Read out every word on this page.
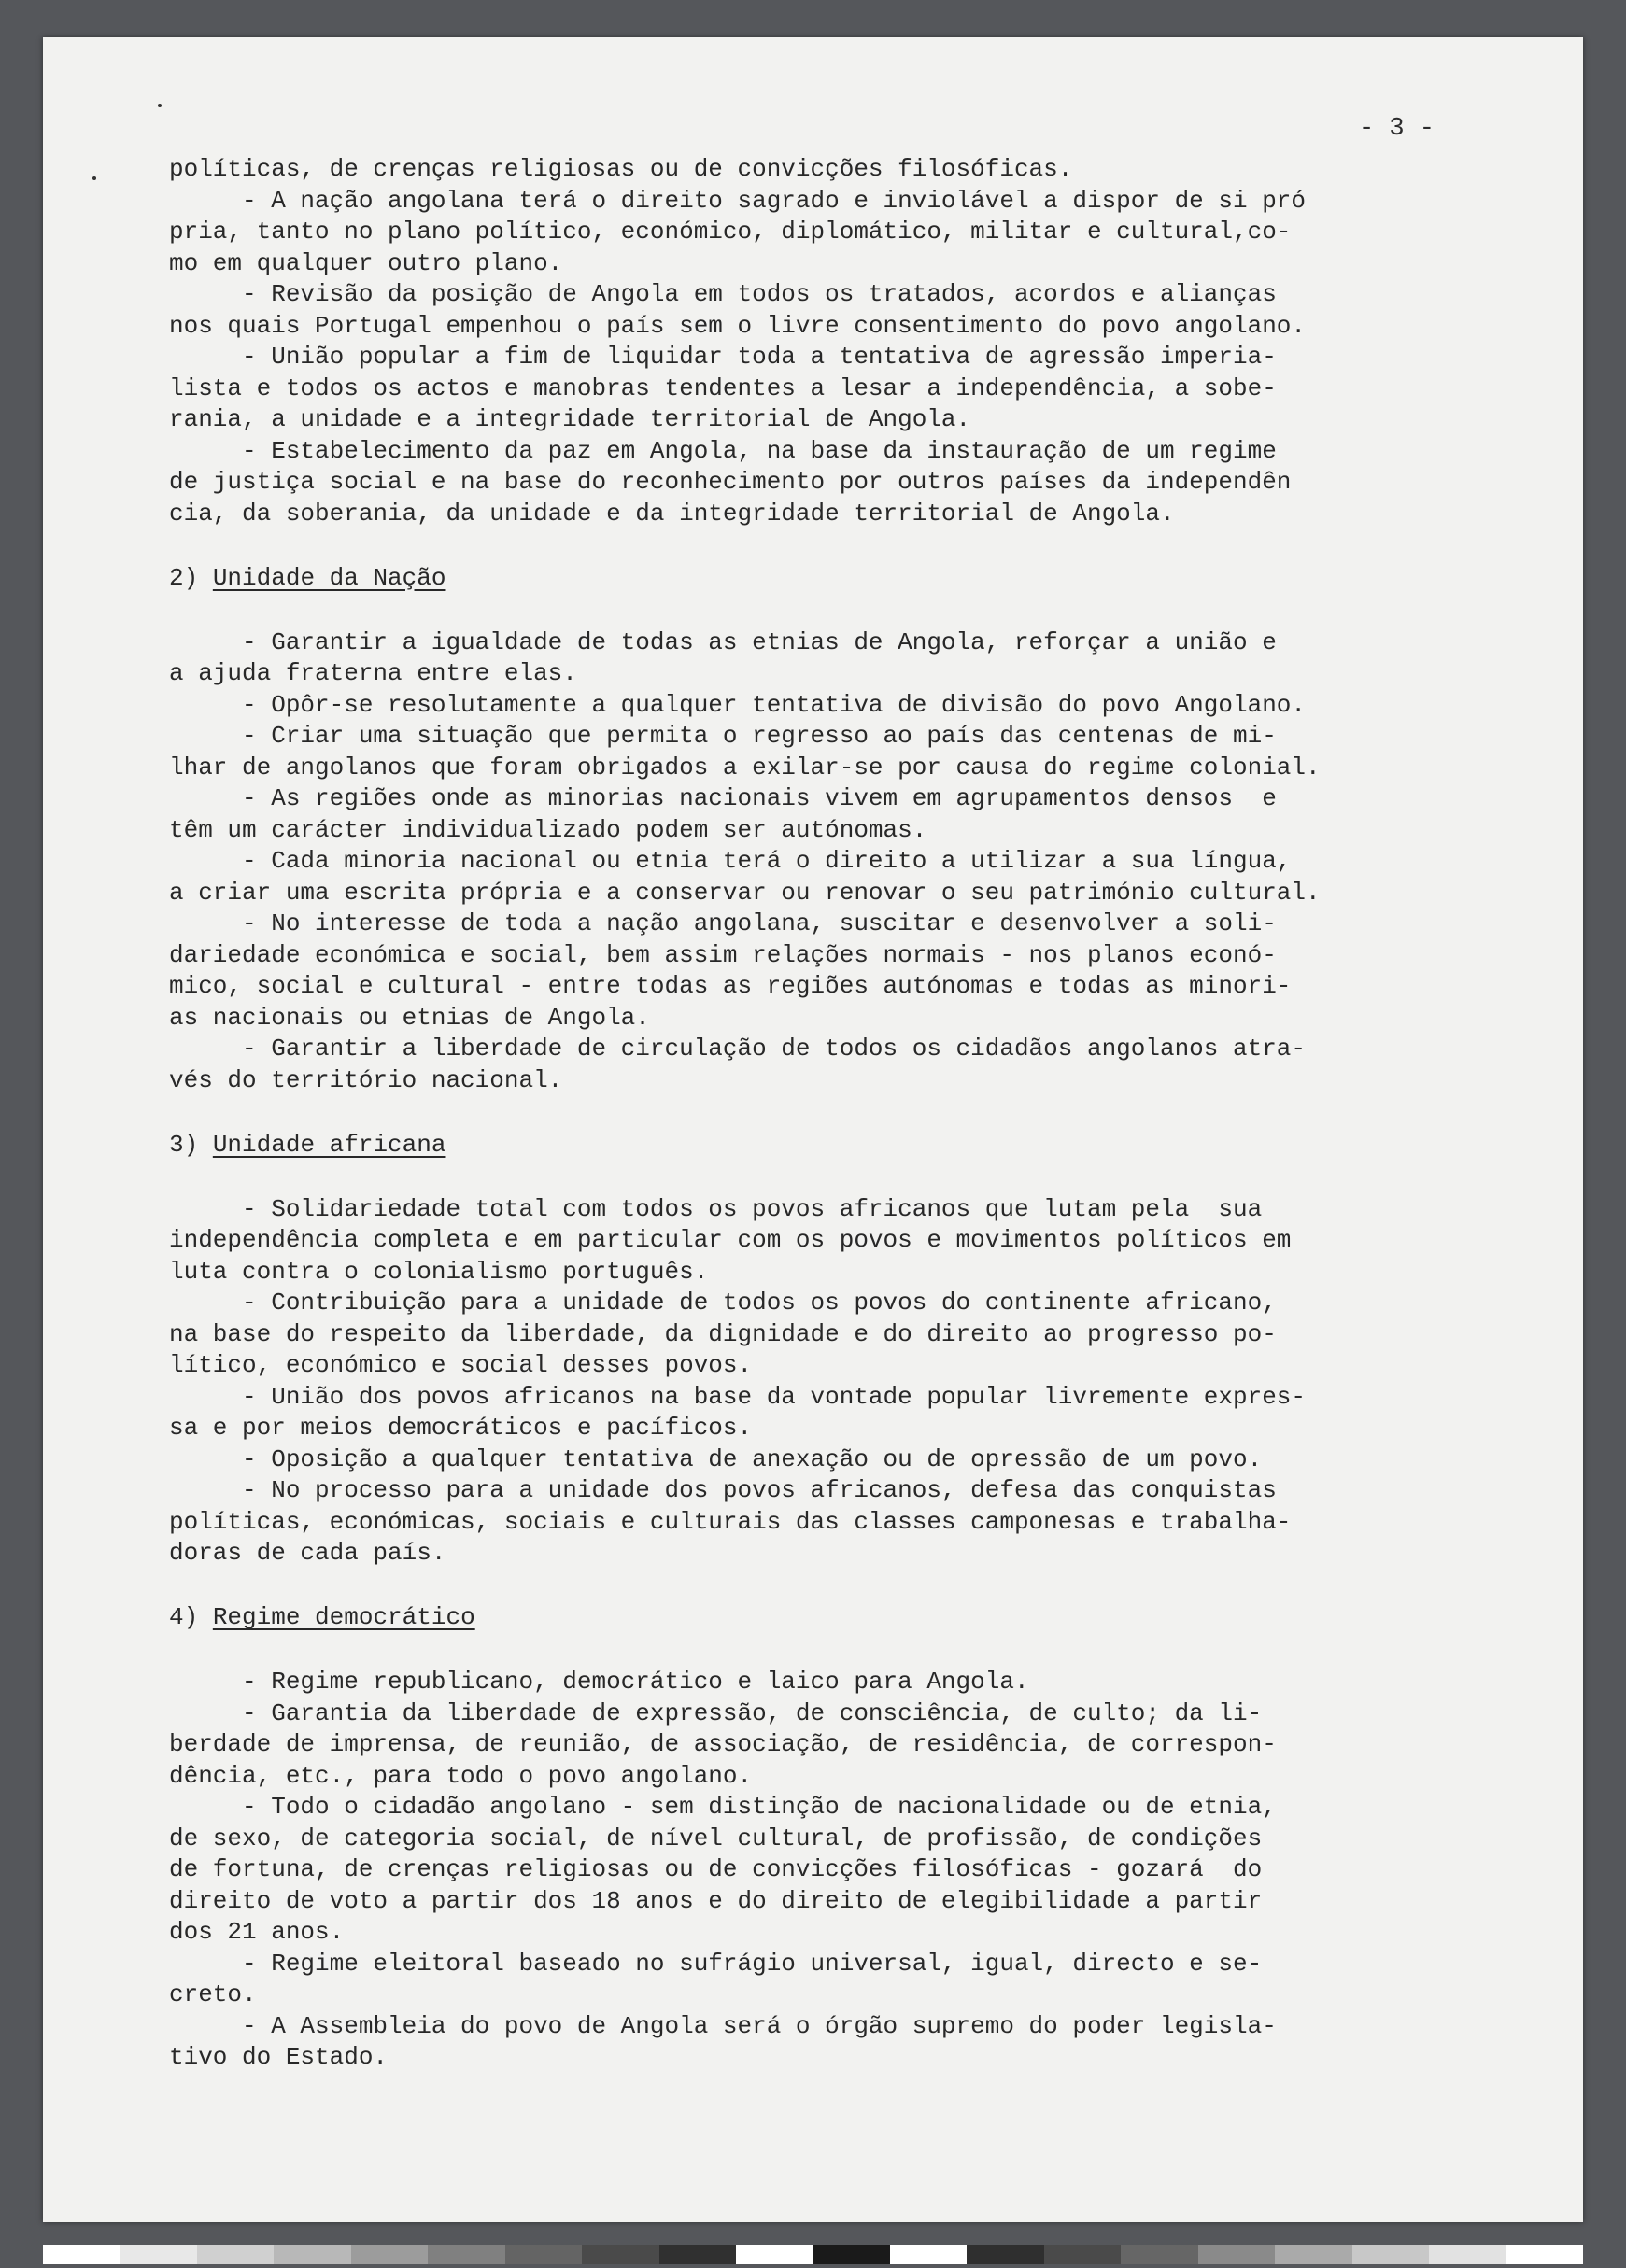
- 3 -
políticas, de crenças religiosas ou de convicções filosóficas.
- A nação angolana terá o direito sagrado e inviolável a dispor de si pró
pria, tanto no plano político, económico, diplomático, militar e cultural,co-
mo em qualquer outro plano.
- Revisão da posição de Angola em todos os tratados, acordos e alianças
nos quais Portugal empenhou o país sem o livre consentimento do povo angolano.
- União popular a fim de liquidar toda a tentativa de agressão imperia-
lista e todos os actos e manobras tendentes a lesar a independência, a sobe-
rania, a unidade e a integridade territorial de Angola.
- Estabelecimento da paz em Angola, na base da instauração de um regime
de justiça social e na base do reconhecimento por outros países da independên
cia, da soberania, da unidade e da integridade territorial de Angola.
2) Unidade da Nação
- Garantir a igualdade de todas as etnias de Angola, reforçar a união e
a ajuda fraterna entre elas.
- Opôr-se resolutamente a qualquer tentativa de divisão do povo Angolano.
- Criar uma situação que permita o regresso ao país das centenas de mi-
lhar de angolanos que foram obrigados a exilar-se por causa do regime colonial.
- As regiões onde as minorias nacionais vivem em agrupamentos densos  e
têm um carácter individualizado podem ser autónomas.
- Cada minoria nacional ou etnia terá o direito a utilizar a sua língua,
a criar uma escrita própria e a conservar ou renovar o seu património cultural.
- No interesse de toda a nação angolana, suscitar e desenvolver a soli-
dariedade económica e social, bem assim relações normais - nos planos econó-
mico, social e cultural - entre todas as regiões autónomas e todas as minori-
as nacionais ou etnias de Angola.
- Garantir a liberdade de circulação de todos os cidadãos angolanos atra-
vés do território nacional.
3) Unidade africana
- Solidariedade total com todos os povos africanos que lutam pela  sua
independência completa e em particular com os povos e movimentos políticos em
luta contra o colonialismo português.
- Contribuição para a unidade de todos os povos do continente africano,
na base do respeito da liberdade, da dignidade e do direito ao progresso po-
lítico, económico e social desses povos.
- União dos povos africanos na base da vontade popular livremente expres-
sa e por meios democráticos e pacíficos.
- Oposição a qualquer tentativa de anexação ou de opressão de um povo.
- No processo para a unidade dos povos africanos, defesa das conquistas
políticas, económicas, sociais e culturais das classes camponesas e trabalha-
doras de cada país.
4) Regime democrático
- Regime republicano, democrático e laico para Angola.
- Garantia da liberdade de expressão, de consciência, de culto; da li-
berdade de imprensa, de reunião, de associação, de residência, de correspon-
dência, etc., para todo o povo angolano.
- Todo o cidadão angolano - sem distinção de nacionalidade ou de etnia,
de sexo, de categoria social, de nível cultural, de profissão, de condições
de fortuna, de crenças religiosas ou de convicções filosóficas - gozará  do
direito de voto a partir dos 18 anos e do direito de elegibilidade a partir
dos 21 anos.
- Regime eleitoral baseado no sufrágio universal, igual, directo e se-
creto.
- A Assembleia do povo de Angola será o órgão supremo do poder legisla-
tivo do Estado.
